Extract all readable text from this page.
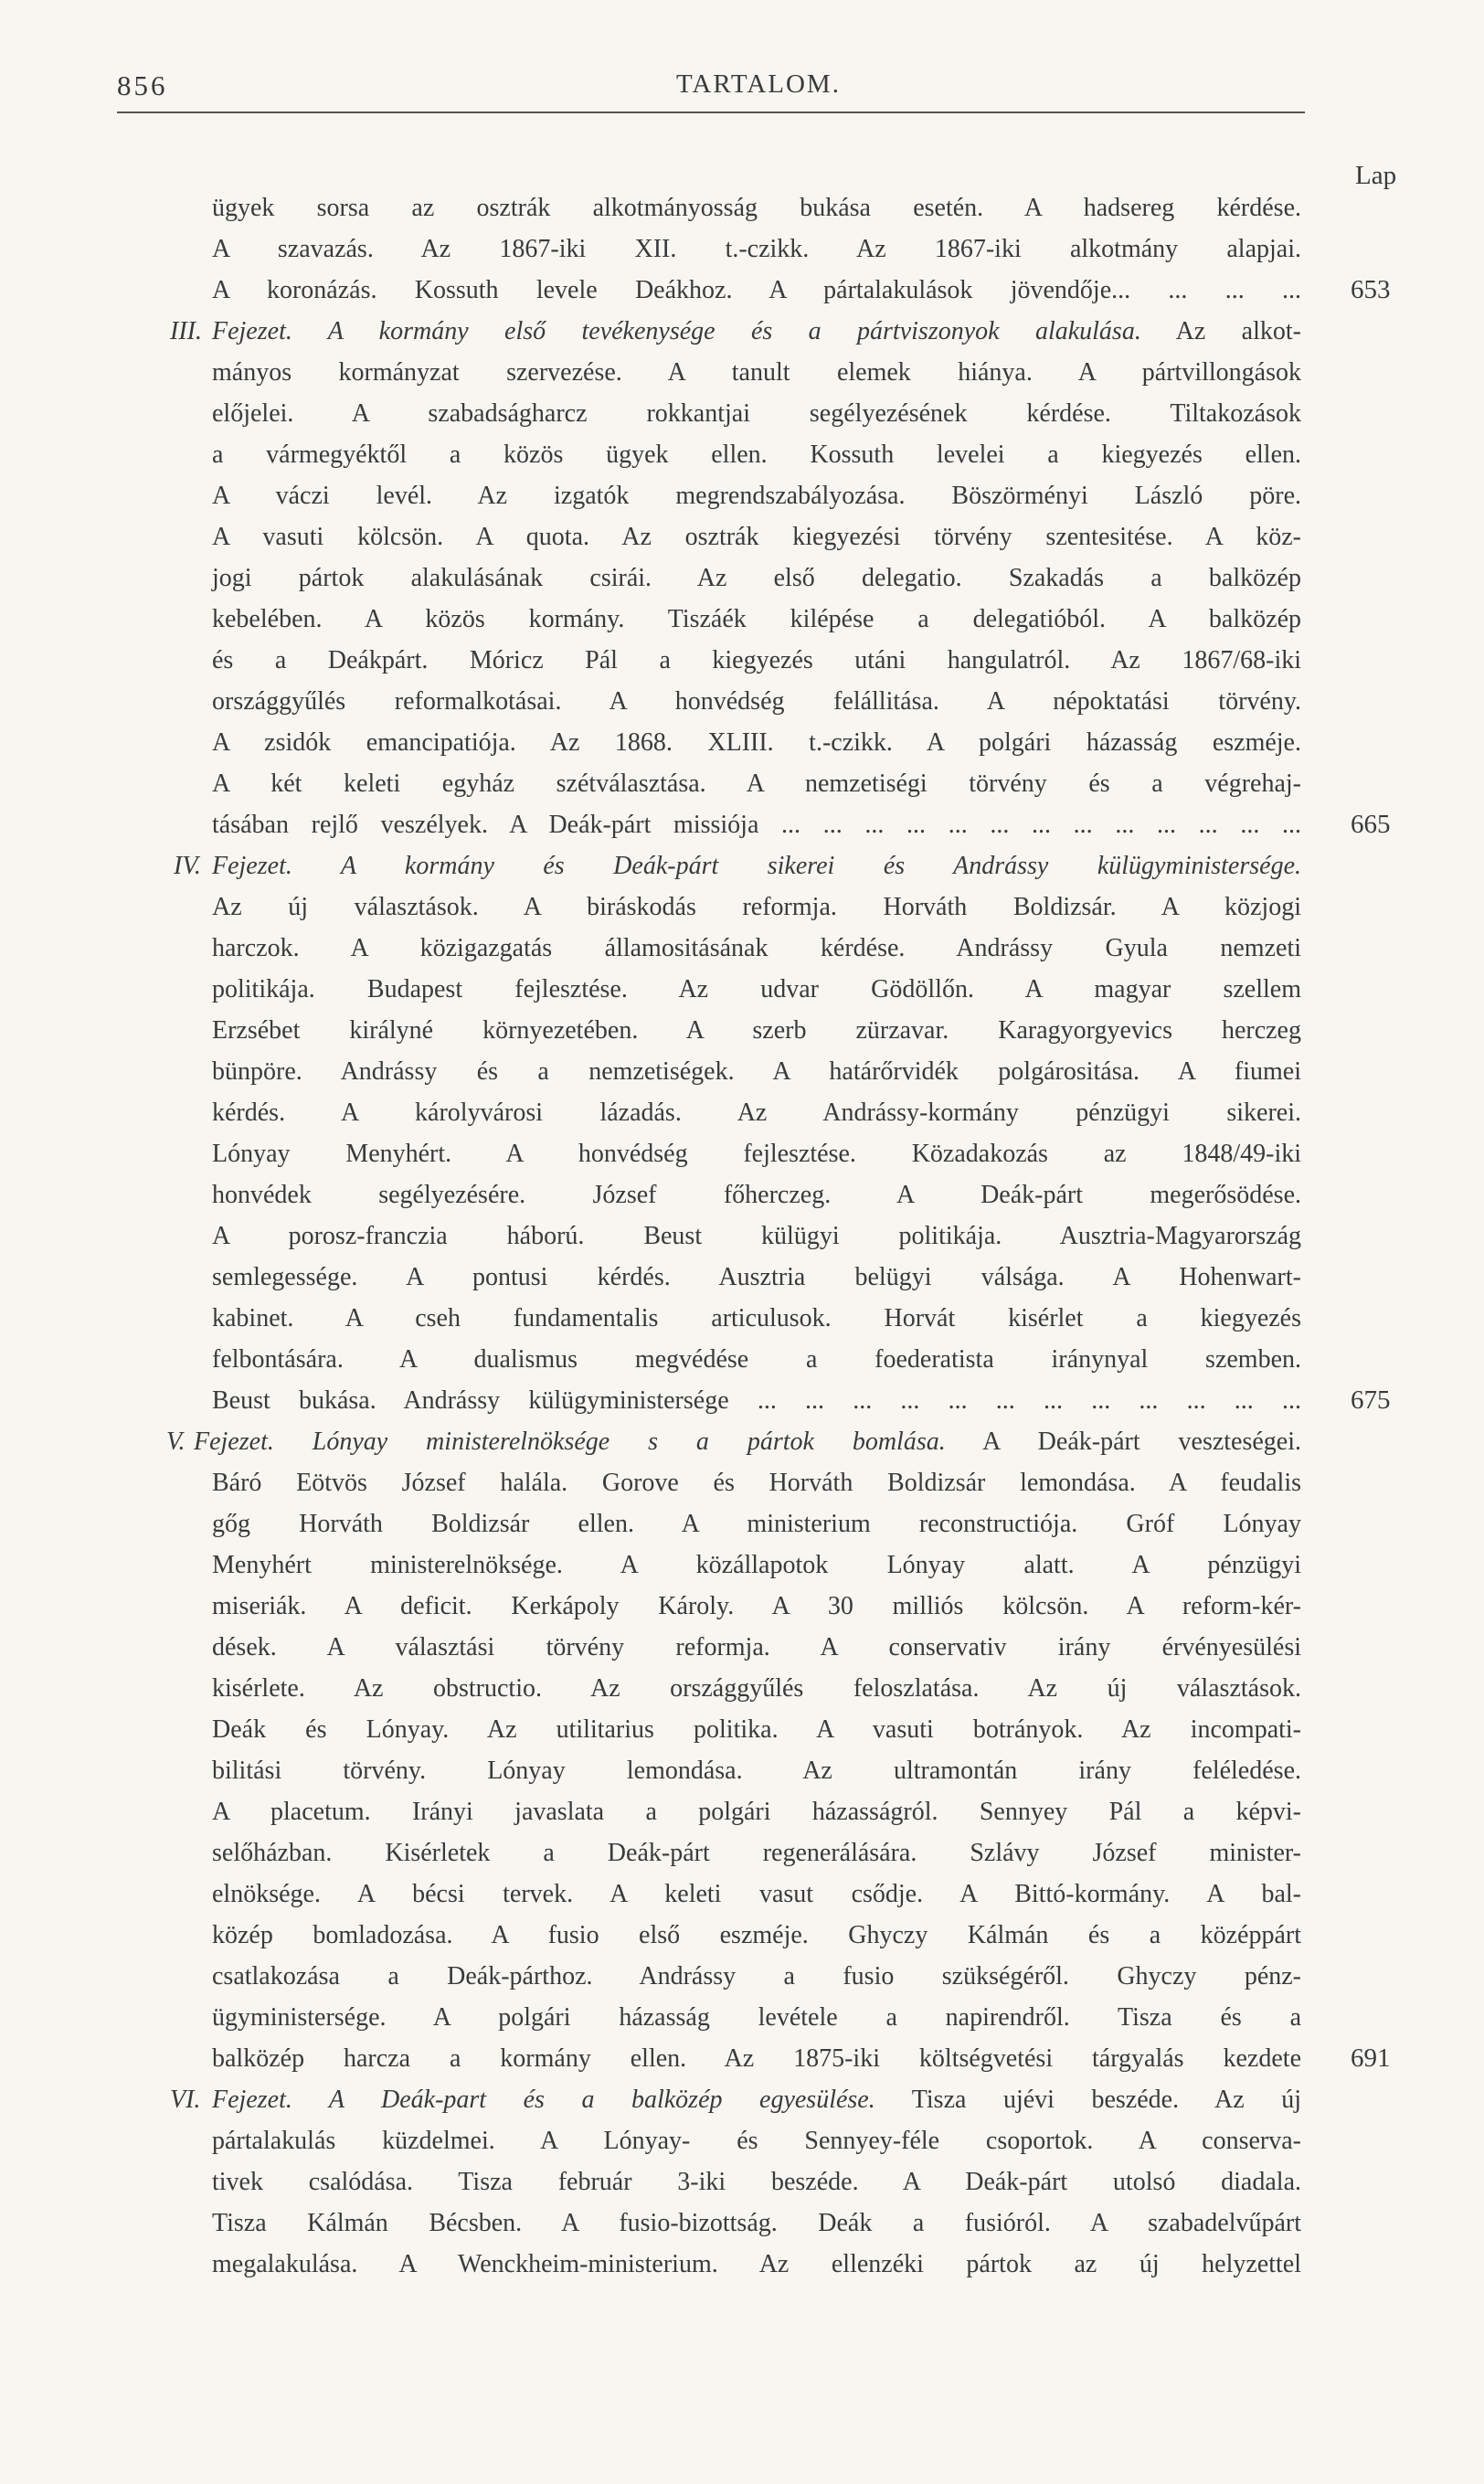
856	TARTALOM.
Lap
ügyek sorsa az osztrák alkotmányosság bukása esetén. A hadsereg kérdése.
A szavazás. Az 1867-iki XII. t.-czikk. Az 1867-iki alkotmány alapjai.
A koronázás. Kossuth levele Deákhoz. A pártalakulások jövendője... ... ... ... 653
III. Fejezet. A kormány első tevékenysége és a pártviszonyok alakulása. Az alkot-
mányos kormányzat szervezése. A tanult elemek hiánya. A pártvillongások
előjelei. A szabadságharcz rokkantjai segélyezésének kérdése. Tiltakozások
a vármegyéktől a közös ügyek ellen. Kossuth levelei a kiegyezés ellen.
A váczi levél. Az izgatók megrendszabályozása. Böszörményi László pöre.
A vasuti kölcsön. A quota. Az osztrák kiegyezési törvény szentesitése. A köz-
jogi pártok alakulásának csirái. Az első delegatio. Szakadás a balközép
kebelében. A közös kormány. Tiszáék kilépése a delegatióból. A balközép
és a Deákpárt. Móricz Pál a kiegyezés utáni hangulatról. Az 1867/68-iki
országgyűlés reformalkotásai. A honvédség felállitása. A népoktatási törvény.
A zsidók emancipatiója. Az 1868. XLIII. t.-czikk. A polgári házasság eszméje.
A két keleti egyház szétválasztása. A nemzetiségi törvény és a végrehaj-
tásában rejlő veszélyek. A Deák-párt missiója ... ... ... ... ... ... ... ... ... ... ... ... ... 665
IV. Fejezet. A kormány és Deák-párt sikerei és Andrássy külügyministersége.
Az új választások. A biráskodás reformja. Horváth Boldizsár. A közjogi
harczok. A közigazgatás államositásának kérdése. Andrássy Gyula nemzeti
politikája. Budapest fejlesztése. Az udvar Gödöllőn. A magyar szellem
Erzsébet királyné környezetében. A szerb zürzavar. Karagyorgyevics herczeg
bünpöre. Andrássy és a nemzetiségek. A határőrvidék polgárositása. A fiumei
kérdés. A károlyvárosi lázadás. Az Andrássy-kormány pénzügyi sikerei.
Lónyay Menyhért. A honvédség fejlesztése. Közadakozás az 1848/49-iki
honvédek segélyezésére. József főherczeg. A Deák-párt megerősödése.
A porosz-franczia háború. Beust külügyi politikája. Ausztria-Magyarország
semlegessége. A pontusi kérdés. Ausztria belügyi válsága. A Hohenwart-
kabinet. A cseh fundamentalis articulusok. Horvát kisérlet a kiegyezés
felbontására. A dualismus megvédése a foederatista iránynyal szemben.
Beust bukása. Andrássy külügyministersége ... ... ... ... ... ... ... ... ... ... ... ... 675
V. Fejezet. Lónyay ministerelnöksége s a pártok bomlása. A Deák-párt veszteségei.
Báró Eötvös József halála. Gorove és Horváth Boldizsár lemondása. A feudalis
gőg Horváth Boldizsár ellen. A ministerium reconstructiója. Gróf Lónyay
Menyhért ministerelnöksége. A közállapotok Lónyay alatt. A pénzügyi
miseriák. A deficit. Kerkápoly Károly. A 30 milliós kölcsön. A reform-kér-
dések. A választási törvény reformja. A conservativ irány érvényesülési
kisérlete. Az obstructio. Az országgyűlés feloszlatása. Az új választások.
Deák és Lónyay. Az utilitarius politika. A vasuti botrányok. Az incompati-
bilitási törvény. Lónyay lemondása. Az ultramontán irány feléledése.
A placetum. Irányi javaslata a polgári házasságról. Sennyey Pál a képvi-
selőházban. Kisérletek a Deák-párt regenerálására. Szlávy József minister-
elnöksége. A bécsi tervek. A keleti vasut csődje. A Bittó-kormány. A bal-
közép bomladozása. A fusio első eszméje. Ghyczy Kálmán és a középpárt
csatlakozása a Deák-párthoz. Andrássy a fusio szükségéről. Ghyczy pénz-
ügyministersége. A polgári házasság levétele a napirendről. Tisza és a
balközép harcza a kormány ellen. Az 1875-iki költségvetési tárgyalás kezdete 691
VI. Fejezet. A Deák-part és a balközép egyesülése. Tisza ujévi beszéde. Az új
pártalakulás küzdelmei. A Lónyay- és Sennyey-féle csoportok. A conserva-
tivek csalódása. Tisza február 3-iki beszéde. A Deák-párt utolsó diadala.
Tisza Kálmán Bécsben. A fusio-bizottság. Deák a fusióról. A szabadelvűpárt
megalakulása. A Wenckheim-ministerium. Az ellenzéki pártok az új helyzettel
